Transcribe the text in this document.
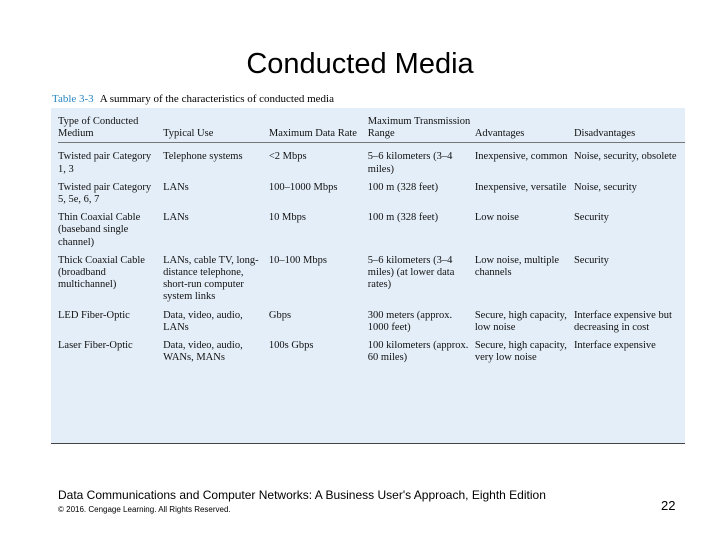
Conducted Media
Table 3-3 A summary of the characteristics of conducted media
Type of Conducted Medium	Typical Use	Maximum Data Rate	Maximum Transmission Range	Advantages	Disadvantages
Twisted pair Category 1, 3	Telephone systems	<2 Mbps	5–6 kilometers (3–4 miles)	Inexpensive, common	Noise, security, obsolete
Twisted pair Category 5, 5e, 6, 7	LANs	100–1000 Mbps	100 m (328 feet)	Inexpensive, versatile	Noise, security
Thin Coaxial Cable (baseband single channel)	LANs	10 Mbps	100 m (328 feet)	Low noise	Security
Thick Coaxial Cable (broadband multichannel)	LANs, cable TV, long-distance telephone, short-run computer system links	10–100 Mbps	5–6 kilometers (3–4 miles) (at lower data rates)	Low noise, multiple channels	Security
LED Fiber-Optic	Data, video, audio, LANs	Gbps	300 meters (approx. 1000 feet)	Secure, high capacity, low noise	Interface expensive but decreasing in cost
Laser Fiber-Optic	Data, video, audio, WANs, MANs	100s Gbps	100 kilometers (approx. 60 miles)	Secure, high capacity, very low noise	Interface expensive
Data Communications and Computer Networks: A Business User's Approach, Eighth Edition
© 2016. Cengage Learning. All Rights Reserved.	22
